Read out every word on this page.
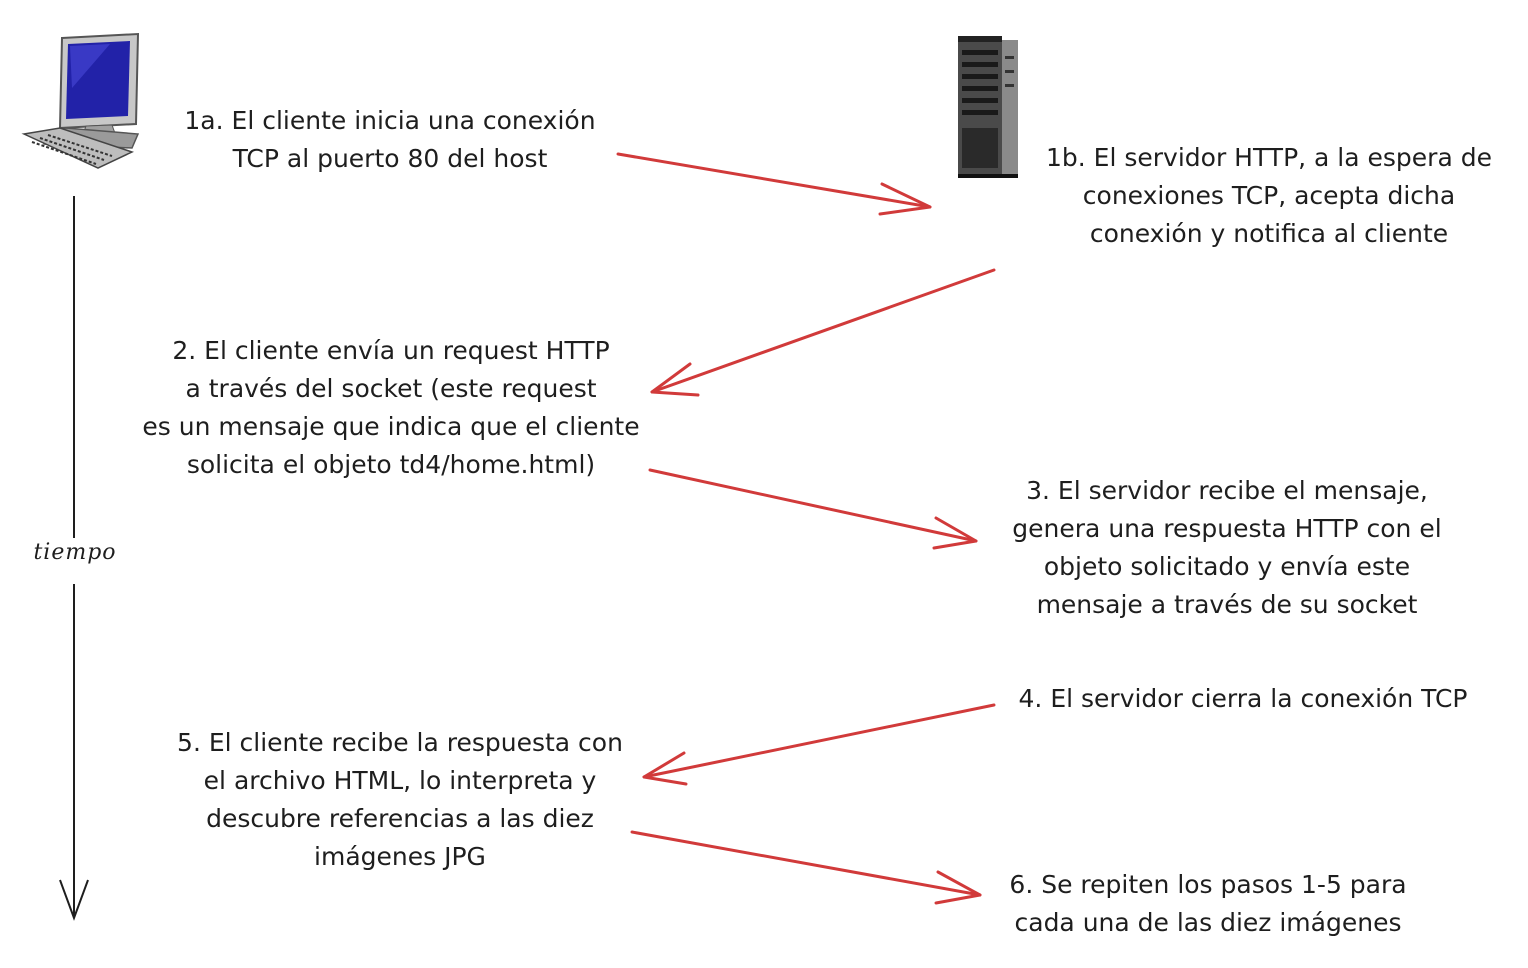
tiempo
1a. El cliente inicia una conexión
TCP al puerto 80 del host	1b. El servidor HTTP, a la espera de
conexiones TCP, acepta dicha
conexión y notifica al cliente
2. El cliente envía un request HTTP
a través del socket (este request
es un mensaje que indica que el cliente
solicita el objeto td4/home.html)
3. El servidor recibe el mensaje,
genera una respuesta HTTP con el
objeto solicitado y envía este
mensaje a través de su socket
4. El servidor cierra la conexión TCP
5. El cliente recibe la respuesta con
el archivo HTML, lo interpreta y
descubre referencias a las diez
imágenes JPG
6. Se repiten los pasos 1-5 para
cada una de las diez imágenes
